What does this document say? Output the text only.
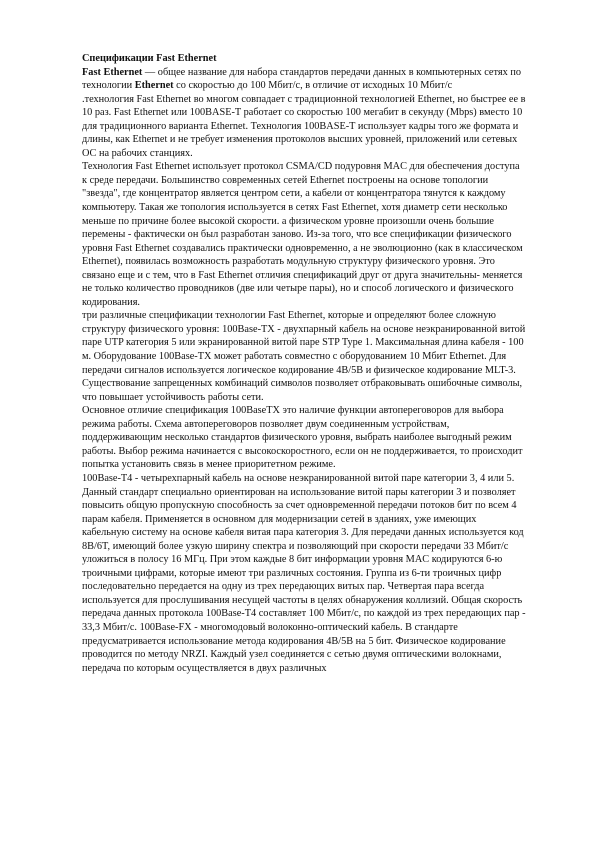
Спецификации Fast Ethernet

Fast Ethernet — общее название для набора стандартов передачи данных в компьютерных сетях по технологии Ethernet со скоростью до 100 Мбит/с, в отличие от исходных 10 Мбит/с

.технология Fast Ethernet во многом совпадает с традиционной технологией Ethernet, но быстрее ее в 10 раз. Fast Ethernet или 100BASE-T работает со скоростью 100 мегабит в секунду (Mbps) вместо 10 для традиционного варианта Ethernet. Технология 100BASE-T использует кадры того же формата и длины, как Ethernet и не требует изменения протоколов высших уровней, приложений или сетевых ОС на рабочих станциях.

Технология Fast Ethernet использует протокол CSMA/CD подуровня MAC для обеспечения доступа к среде передачи. Большинство современных сетей Ethernet построены на основе топологии "звезда", где концентратор является центром сети, а кабели от концентратора тянутся к каждому компьютеру. Такая же топология используется в сетях Fast Ethernet, хотя диаметр сети несколько меньше по причине более высокой скорости. а физическом уровне произошли очень большие перемены - фактически он был разработан заново. Из-за того, что все спецификации физического уровня Fast Ethernet создавались практически одновременно, а не эволюционно (как в классическом Ethernet), появилась возможность разработать модульную структуру физического уровня. Это связано еще и с тем, что в Fast Ethernet отличия спецификаций друг от друга значительны- меняется не только количество проводников (две или четыре пары), но и способ логического и физического кодирования.

три различные спецификации технологии Fast Ethernet, которые и определяют более сложную структуру физического уровня: 100Base-TX - двухпарный кабель на основе неэкранированной витой паре UTP категория 5 или экранированной витой паре STP Type 1. Максимальная длина кабеля - 100 м. Оборудование 100Base-TX может работать совместно с оборудованием 10 Мбит Ethernet. Для передачи сигналов используется логическое кодирование 4B/5B и физическое кодирование MLT-3. Существование запрещенных комбинаций символов позволяет отбраковывать ошибочные символы, что повышает устойчивость работы сети.

Основное отличие спецификация 100BaseTX это наличие функции автопереговоров для выбора режима работы. Схема автопереговоров позволяет двум соединенным устройствам, поддерживающим несколько стандартов физического уровня, выбрать наиболее выгодный режим работы. Выбор режима начинается с высокоскоростного, если он не поддерживается, то происходит попытка установить связь в менее приоритетном режиме.

100Base-T4 - четырехпарный кабель на основе неэкранированной витой паре категории 3, 4 или 5. Данный стандарт специально ориентирован на использование витой пары категории 3 и позволяет повысить общую пропускную способность за счет одновременной передачи потоков бит по всем 4 парам кабеля. Применяется в основном для модернизации сетей в зданиях, уже имеющих кабельную систему на основе кабеля витая пара категория 3. Для передачи данных используется код 8B/6T, имеющий более узкую ширину спектра и позволяющий при скорости передачи 33 Мбит/с уложиться в полосу 16 МГц. При этом каждые 8 бит информации уровня MAC кодируются 6-ю троичными цифрами, которые имеют три различных состояния. Группа из 6-ти троичных цифр последовательно передается на одну из трех передающих витых пар. Четвертая пара всегда используется для прослушивания несущей частоты в целях обнаружения коллизий. Общая скорость передача данных протокола 100Base-T4 составляет 100 Мбит/с, по каждой из трех передающих пар - 33,3 Мбит/с. 100Base-FX - многомодовый волоконно-оптический кабель. В стандарте предусматривается использование метода кодирования 4B/5B на 5 бит. Физическое кодирование проводится по методу NRZI. Каждый узел соединяется с сетью двумя оптическими волокнами, передача по которым осуществляется в двух различных
